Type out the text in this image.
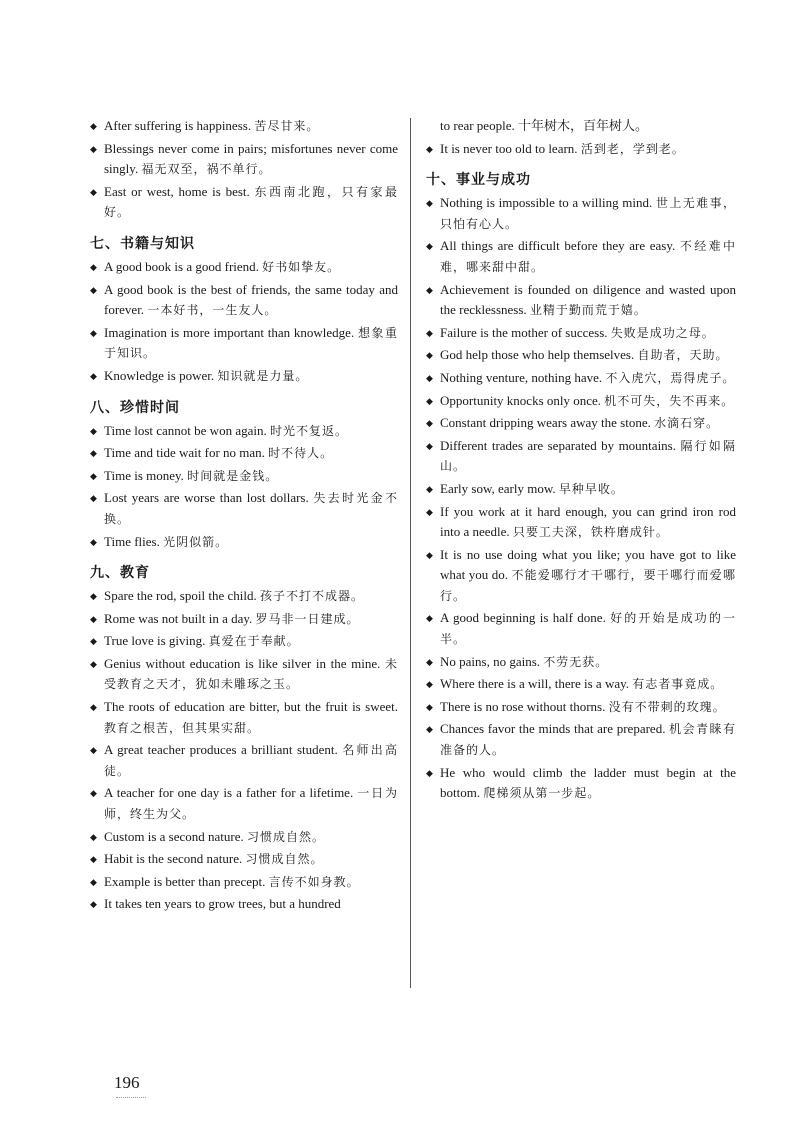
◆ After suffering is happiness. 苦尽甘来。
◆ Blessings never come in pairs; misfortunes never come singly. 福无双至，祸不单行。
◆ East or west, home is best. 东西南北跑，只有家最好。
七、书籍与知识
◆ A good book is a good friend. 好书如挚友。
◆ A good book is the best of friends, the same today and forever. 一本好书，一生友人。
◆ Imagination is more important than knowledge. 想象重于知识。
◆ Knowledge is power. 知识就是力量。
八、珍惜时间
◆ Time lost cannot be won again. 时光不复返。
◆ Time and tide wait for no man. 时不待人。
◆ Time is money. 时间就是金钱。
◆ Lost years are worse than lost dollars. 失去时光金不换。
◆ Time flies. 光阴似箭。
九、教育
◆ Spare the rod, spoil the child. 孩子不打不成器。
◆ Rome was not built in a day. 罗马非一日建成。
◆ True love is giving. 真爱在于奉献。
◆ Genius without education is like silver in the mine. 未受教育之天才，犹如未雕琢之玉。
◆ The roots of education are bitter, but the fruit is sweet. 教育之根苦，但其果实甜。
◆ A great teacher produces a brilliant student. 名师出高徒。
◆ A teacher for one day is a father for a lifetime. 一日为师，终生为父。
◆ Custom is a second nature. 习惯成自然。
◆ Habit is the second nature. 习惯成自然。
◆ Example is better than precept. 言传不如身教。
◆ It takes ten years to grow trees, but a hundred
to rear people. 十年树木，百年树人。
◆ It is never too old to learn. 活到老，学到老。
十、事业与成功
◆ Nothing is impossible to a willing mind. 世上无难事，只怕有心人。
◆ All things are difficult before they are easy. 不经难中难，哪来甜中甜。
◆ Achievement is founded on diligence and wasted upon the recklessness. 业精于勤而荒于嬉。
◆ Failure is the mother of success. 失败是成功之母。
◆ God help those who help themselves. 自助者，天助。
◆ Nothing venture, nothing have. 不入虎穴，焉得虎子。
◆ Opportunity knocks only once. 机不可失，失不再来。
◆ Constant dripping wears away the stone. 水滴石穿。
◆ Different trades are separated by mountains. 隔行如隔山。
◆ Early sow, early mow. 早种早收。
◆ If you work at it hard enough, you can grind iron rod into a needle. 只要工夫深，铁杵磨成针。
◆ It is no use doing what you like; you have got to like what you do. 不能爱哪行才干哪行，要干哪行而爱哪行。
◆ A good beginning is half done. 好的开始是成功的一半。
◆ No pains, no gains. 不劳无获。
◆ Where there is a will, there is a way. 有志者事竟成。
◆ There is no rose without thorns. 没有不带刺的玫瑰。
◆ Chances favor the minds that are prepared. 机会青睐有准备的人。
◆ He who would climb the ladder must begin at the bottom. 爬梯须从第一步起。
196
